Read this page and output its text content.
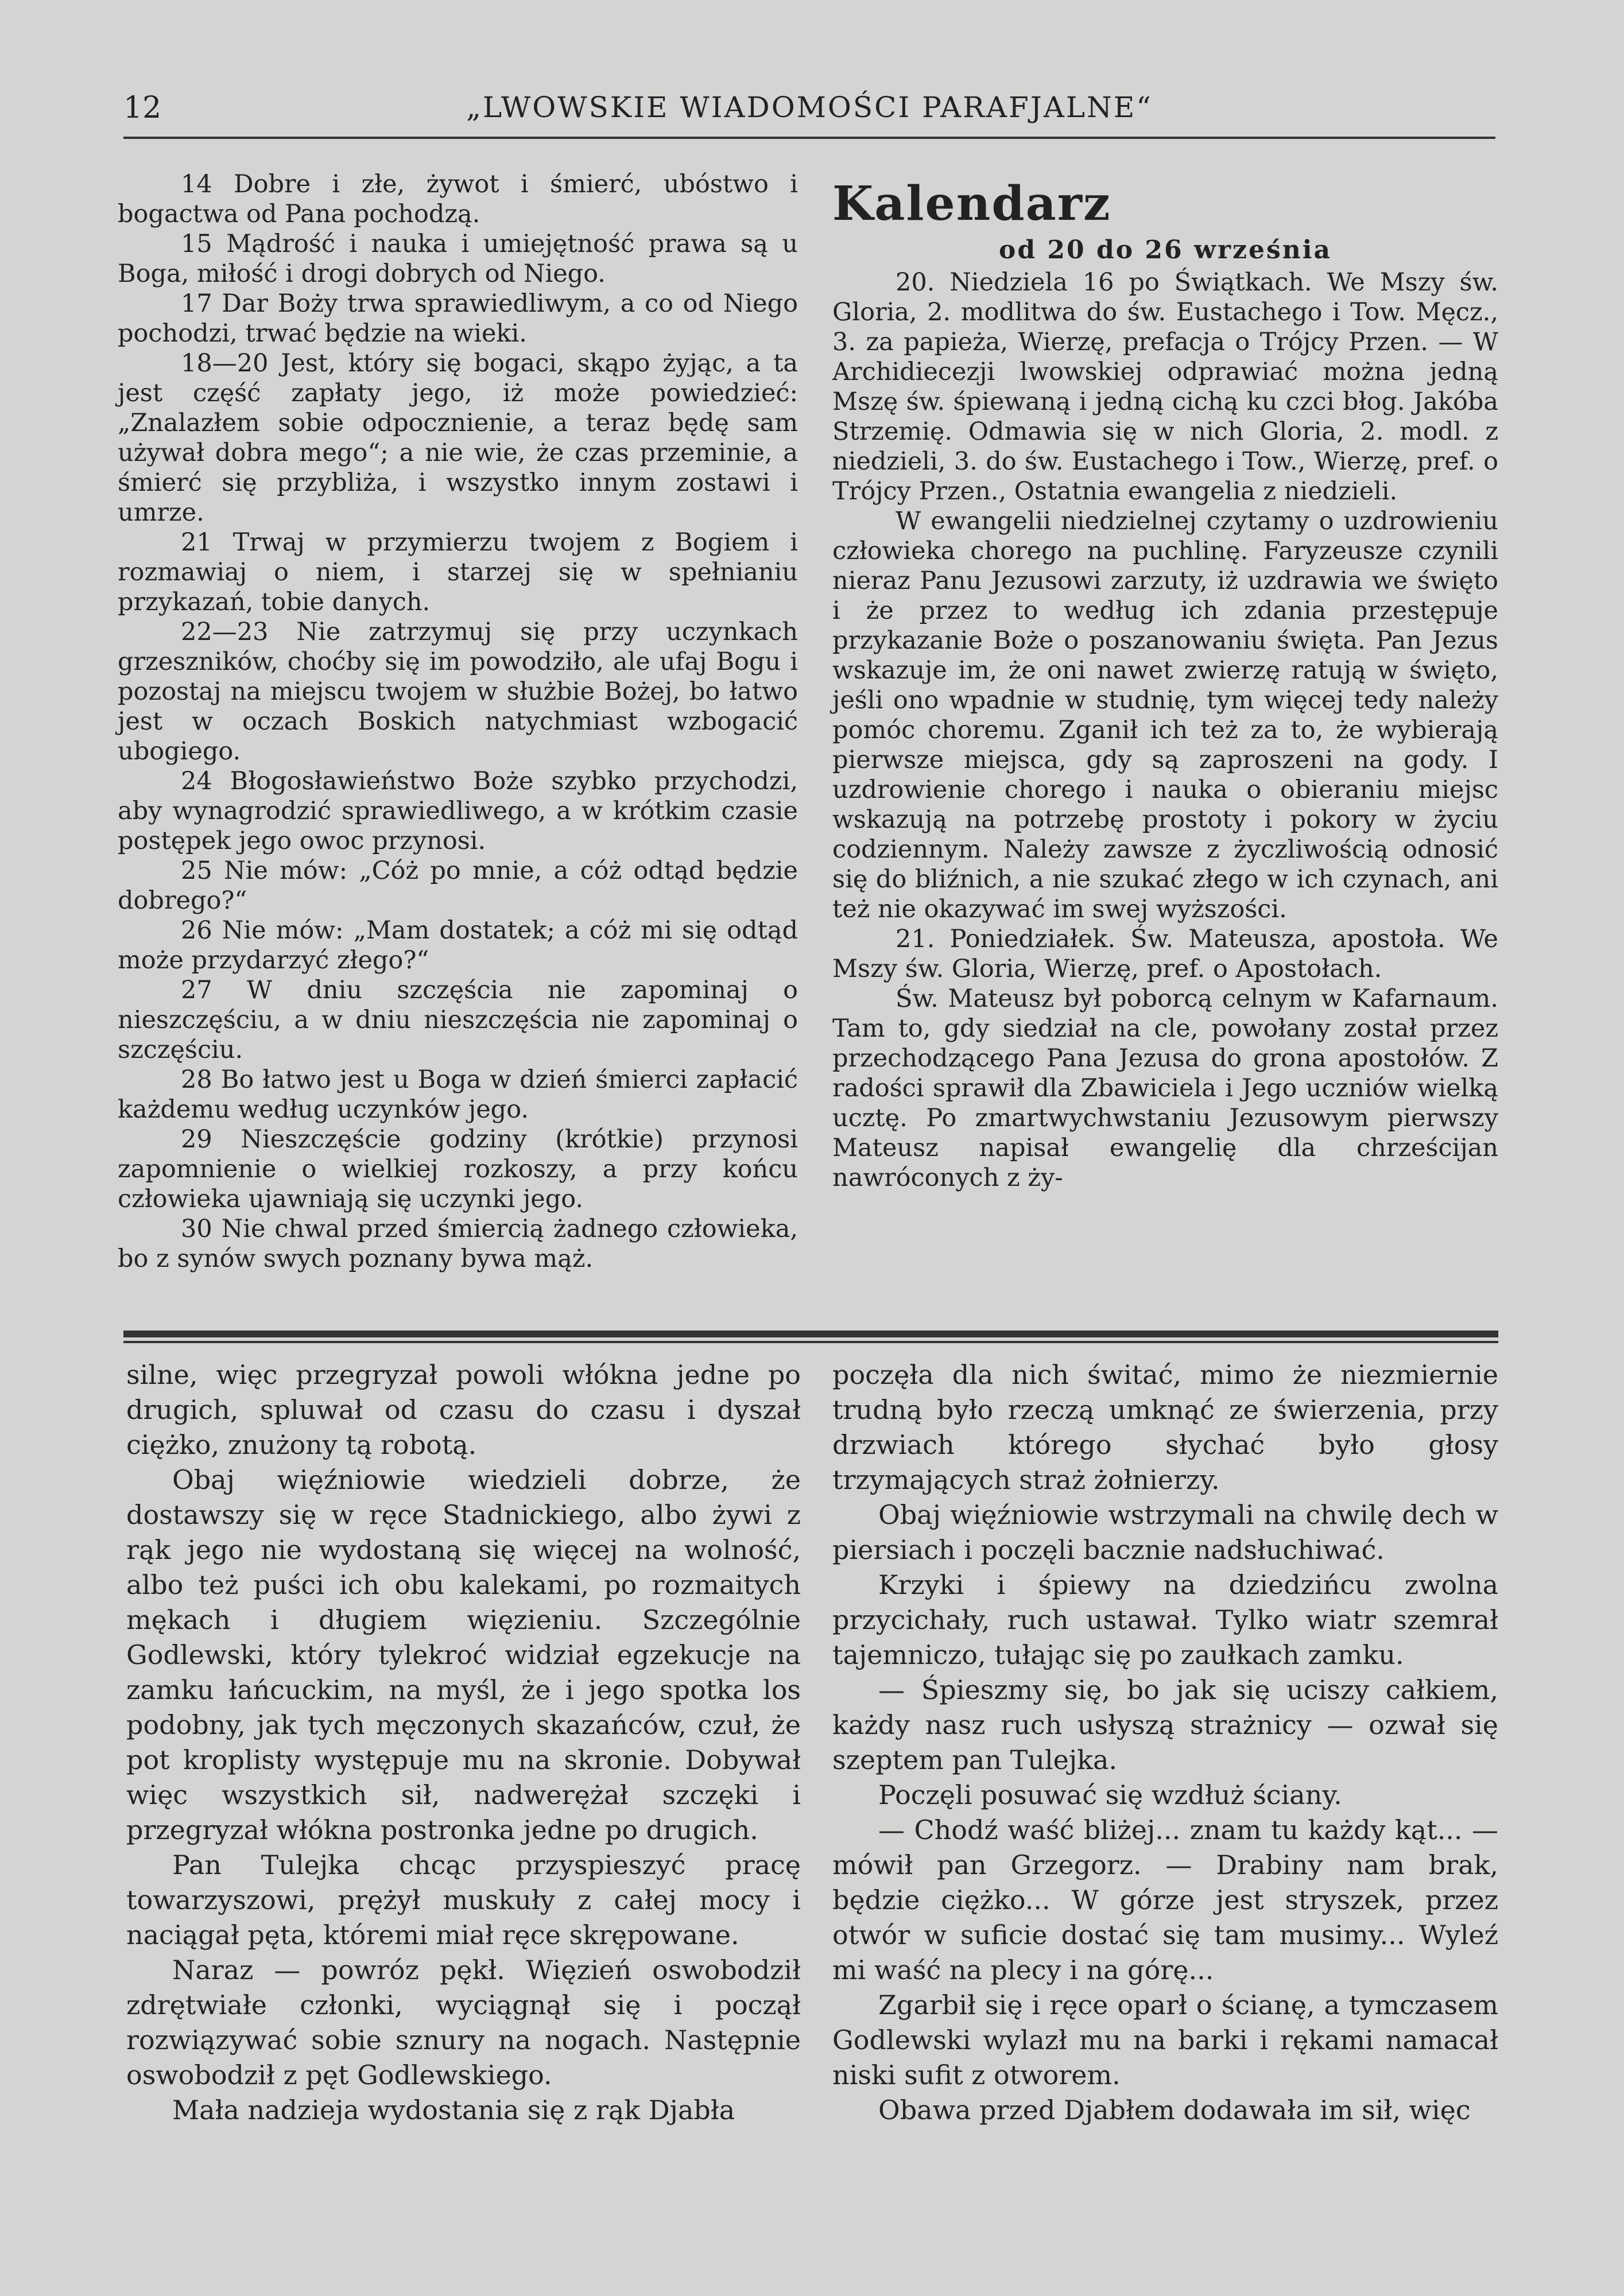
12	„LWOWSKIE WIADOMOŚCI PARAFJALNE“

14 Dobre i złe, żywot i śmierć, ubóstwo i bogactwa od Pana pochodzą.

15 Mądrość i nauka i umiejętność prawa są u Boga, miłość i drogi dobrych od Niego.

17 Dar Boży trwa sprawiedliwym, a co od Niego pochodzi, trwać będzie na wieki.

18—20 Jest, który się bogaci, skąpo żyjąc, a ta jest część zapłaty jego, iż może powiedzieć: „Znalazłem sobie odpocznienie, a teraz będę sam używał dobra mego“; a nie wie, że czas przeminie, a śmierć się przybliża, i wszystko innym zostawi i umrze.

21 Trwaj w przymierzu twojem z Bogiem i rozmawiaj o niem, i starzej się w spełnianiu przykazań, tobie danych.

22—23 Nie zatrzymuj się przy uczynkach grzeszników, choćby się im powodziło, ale ufaj Bogu i pozostaj na miejscu twojem w służbie Bożej, bo łatwo jest w oczach Boskich natychmiast wzbogacić ubogiego.

24 Błogosławieństwo Boże szybko przychodzi, aby wynagrodzić sprawiedliwego, a w krótkim czasie postępek jego owoc przynosi.

25 Nie mów: „Cóż po mnie, a cóż odtąd będzie dobrego?“

26 Nie mów: „Mam dostatek; a cóż mi się odtąd może przydarzyć złego?“

27 W dniu szczęścia nie zapominaj o nieszczęściu, a w dniu nieszczęścia nie zapominaj o szczęściu.

28 Bo łatwo jest u Boga w dzień śmierci zapłacić każdemu według uczynków jego.

29 Nieszczęście godziny (krótkie) przynosi zapomnienie o wielkiej rozkoszy, a przy końcu człowieka ujawniają się uczynki jego.

30 Nie chwal przed śmiercią żadnego człowieka, bo z synów swych poznany bywa mąż.

Kalendarz

od 20 do 26 września

20. Niedziela 16 po Świątkach. We Mszy św. Gloria, 2. modlitwa do św. Eustachego i Tow. Męcz., 3. za papieża, Wierzę, prefacja o Trójcy Przen. — W Archidiecezji lwowskiej odprawiać można jedną Mszę św. śpiewaną i jedną cichą ku czci błog. Jakóba Strzemię. Odmawia się w nich Gloria, 2. modl. z niedzieli, 3. do św. Eustachego i Tow., Wierzę, pref. o Trójcy Przen., Ostatnia ewangelia z niedzieli.

W ewangelii niedzielnej czytamy o uzdrowieniu człowieka chorego na puchlinę. Faryzeusze czynili nieraz Panu Jezusowi zarzuty, iż uzdrawia we święto i że przez to według ich zdania przestępuje przykazanie Boże o poszanowaniu święta. Pan Jezus wskazuje im, że oni nawet zwierzę ratują w święto, jeśli ono wpadnie w studnię, tym więcej tedy należy pomóc choremu. Zganił ich też za to, że wybierają pierwsze miejsca, gdy są zaproszeni na gody. I uzdrowienie chorego i nauka o obieraniu miejsc wskazują na potrzebę prostoty i pokory w życiu codziennym. Należy zawsze z życzliwością odnosić się do bliźnich, a nie szukać złego w ich czynach, ani też nie okazywać im swej wyższości.

21. Poniedziałek. Św. Mateusza, apostoła. We Mszy św. Gloria, Wierzę, pref. o Apostołach.

Św. Mateusz był poborcą celnym w Kafarnaum. Tam to, gdy siedział na cle, powołany został przez przechodzącego Pana Jezusa do grona apostołów. Z radości sprawił dla Zbawiciela i Jego uczniów wielką ucztę. Po zmartwychwstaniu Jezusowym pierwszy Mateusz napisał ewangelię dla chrześcijan nawróconych z ży-

silne, więc przegryzał powoli włókna jedne po drugich, spluwał od czasu do czasu i dyszał ciężko, znużony tą robotą.

Obaj więźniowie wiedzieli dobrze, że dostawszy się w ręce Stadnickiego, albo żywi z rąk jego nie wydostaną się więcej na wolność, albo też puści ich obu kalekami, po rozmaitych mękach i długiem więzieniu. Szczególnie Godlewski, który tylekroć widział egzekucje na zamku łańcuckim, na myśl, że i jego spotka los podobny, jak tych męczonych skazańców, czuł, że pot kroplisty występuje mu na skronie. Dobywał więc wszystkich sił, nadwerężał szczęki i przegryzał włókna postronka jedne po drugich.

Pan Tulejka chcąc przyspieszyć pracę towarzyszowi, prężył muskuły z całej mocy i naciągał pęta, któremi miał ręce skrępowane.

Naraz — powróz pękł. Więzień oswobodził zdrętwiałe członki, wyciągnął się i począł rozwiązywać sobie sznury na nogach. Następnie oswobodził z pęt Godlewskiego.

Mała nadzieja wydostania się z rąk Djabła

poczęła dla nich świtać, mimo że niezmiernie trudną było rzeczą umknąć ze świerzenia, przy drzwiach którego słychać było głosy trzymających straż żołnierzy.

Obaj więźniowie wstrzymali na chwilę dech w piersiach i poczęli bacznie nadsłuchiwać.

Krzyki i śpiewy na dziedzińcu zwolna przycichały, ruch ustawał. Tylko wiatr szemrał tajemniczo, tułając się po zaułkach zamku.

— Śpieszmy się, bo jak się uciszy całkiem, każdy nasz ruch usłyszą strażnicy — ozwał się szeptem pan Tulejka.

Poczęli posuwać się wzdłuż ściany.

— Chodź waść bliżej... znam tu każdy kąt... — mówił pan Grzegorz. — Drabiny nam brak, będzie ciężko... W górze jest stryszek, przez otwór w suficie dostać się tam musimy... Wyleź mi waść na plecy i na górę...

Zgarbił się i ręce oparł o ścianę, a tymczasem Godlewski wylazł mu na barki i rękami namacał niski sufit z otworem.

Obawa przed Djabłem dodawała im sił, więc
